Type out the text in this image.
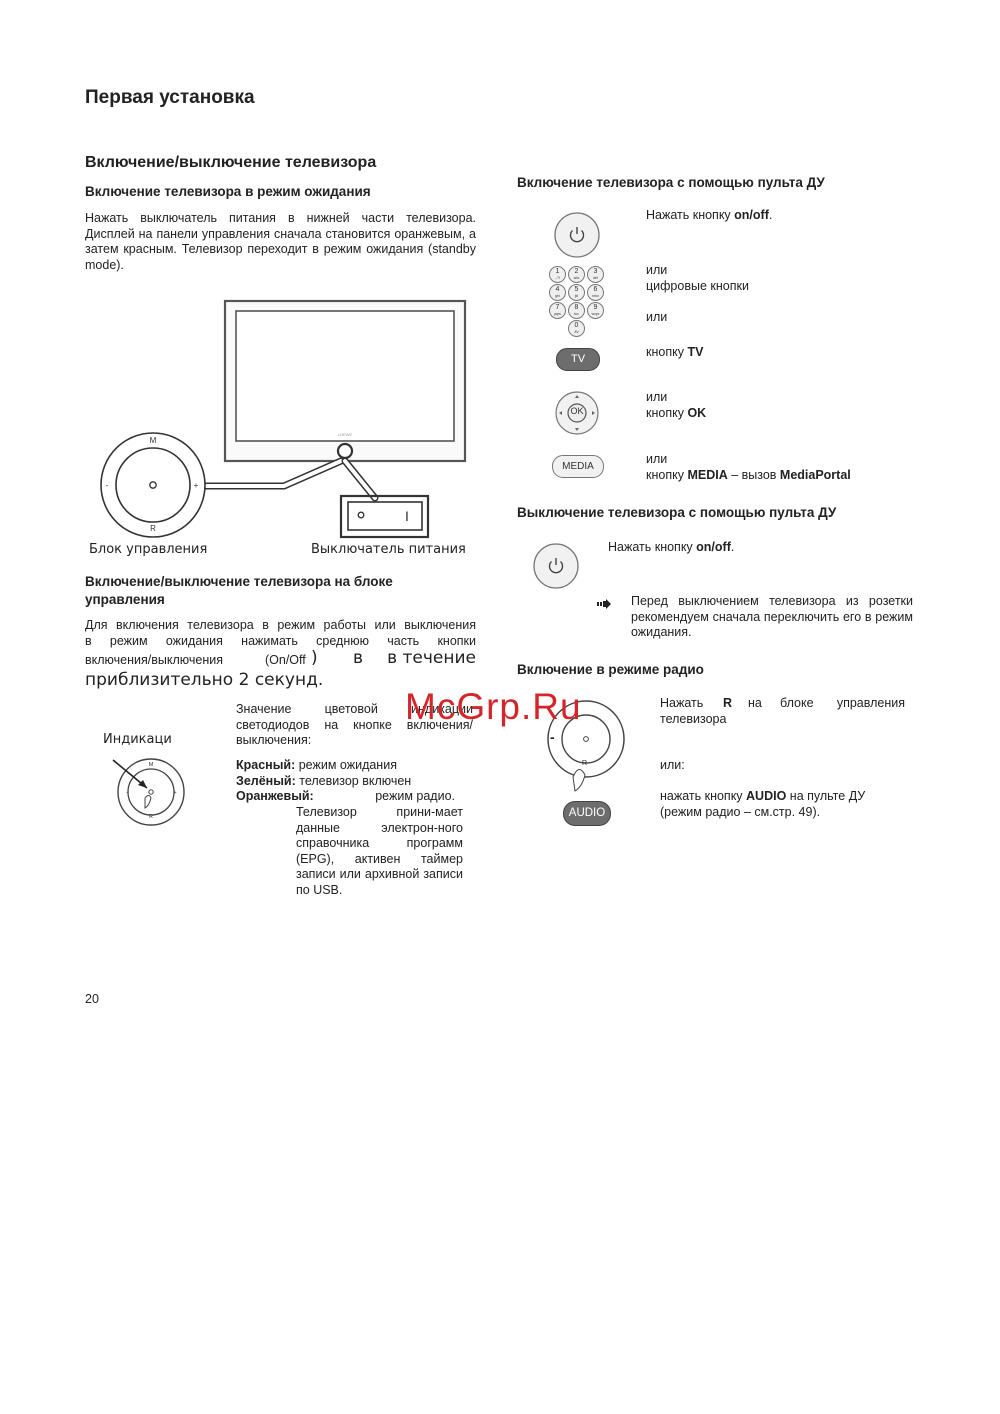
Первая установка
Включение/выключение телевизора
Включение телевизора в режим ожидания
Нажать выключатель питания в нижней части телевизора. Дисплей на панели управления сначала становится оранжевым, а затем красным. Телевизор переходит в режим ожидания (standby mode).
LOEWE
M
R
-	+
I
Блок управления	Выключатель питания
Включение/выключение телевизора на блоке
управления
Для включения телевизора в режим работы или выключения
в режим ожидания нажимать среднюю часть кнопки
включения/выключения	(On/Off ) в в течение
приблизительно 2 секунд.
Индикаци
M
R
-	+
Значение цветовой индикации светодиодов на кнопке включения/выключения:
Красный: режим ожидания
Зелёный: телевизор включен
Оранжевый:	режим радио.
Телевизор прини-мает данные электрон-ного справочника программ (EPG), активен таймер записи или архивной записи по USB.
Включение телевизора с помощью пульта ДУ
Нажать кнопку on/off.
1
.,?!
2
abc
3
def
4
ghi
5
jkl
6
mno
7
pqrs
8
tuv
9
wxyz
0
AV
или
цифровые кнопки
или
TV	кнопку TV
OK
или
кнопку OK
MEDIA
или
кнопку MEDIA – вызов MediaPortal
Выключение телевизора с помощью пульта ДУ
Нажать кнопку on/off.
Перед выключением телевизора из розетки рекомендуем сначала переключить его в режим ожидания.
Включение в режиме радио
-
R
Нажать R на блоке управления
телевизора
или:
AUDIO
нажать кнопку AUDIO на пульте ДУ (режим радио – см.стр. 49).
McGrp.Ru
20
